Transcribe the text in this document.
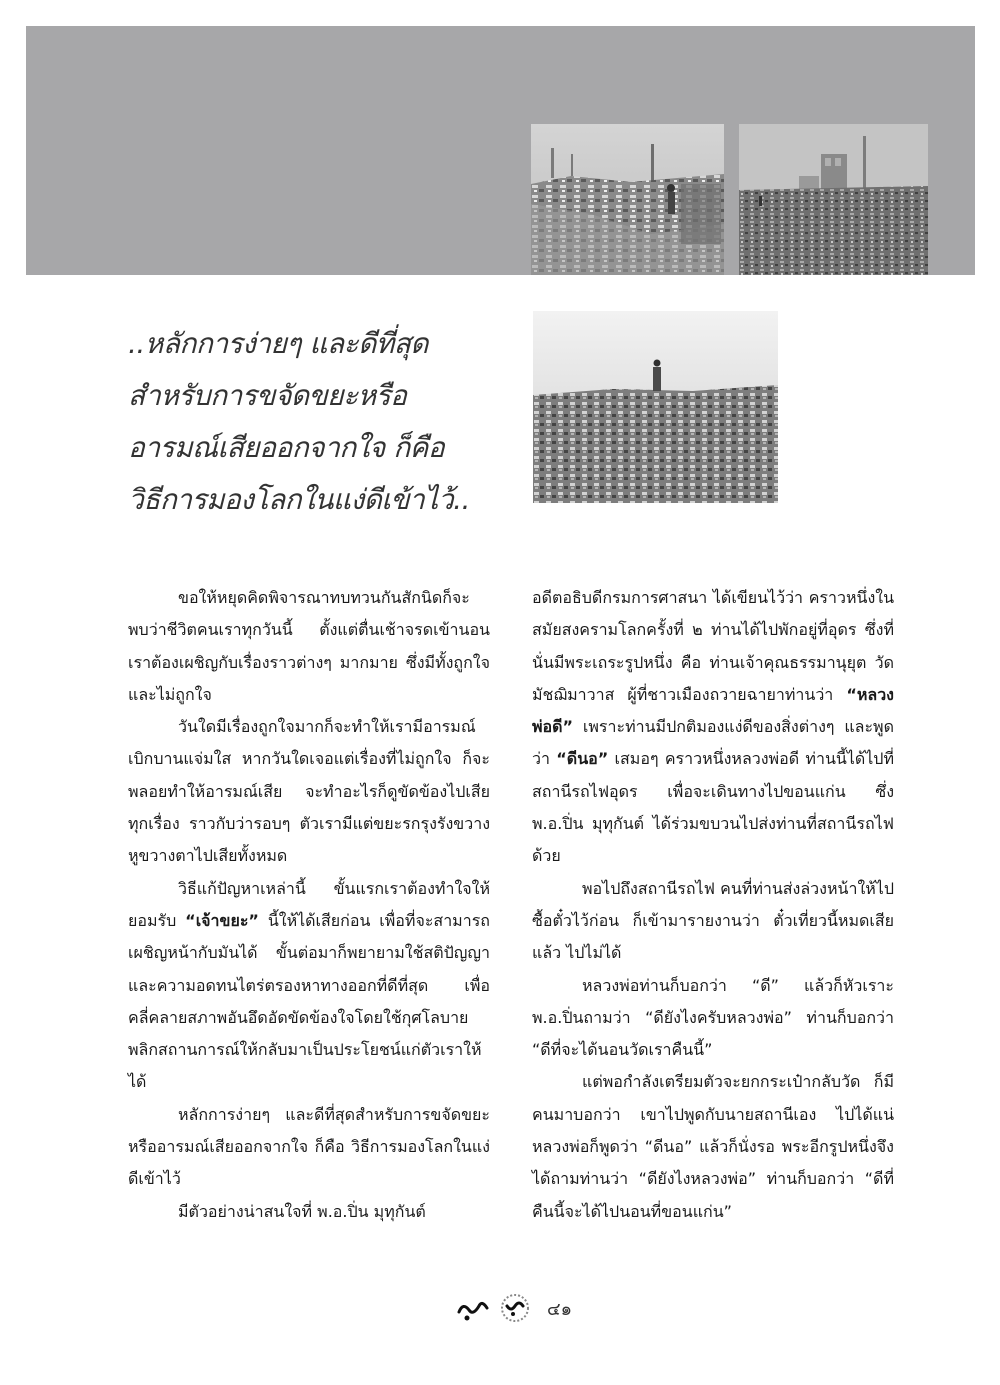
..หลักการง่ายๆ และดีที่สุด

สำหรับการขจัดขยะหรือ

อารมณ์เสียออกจากใจ ก็คือ

วิธีการมองโลกในแง่ดีเข้าไว้..

ขอให้หยุดคิดพิจารณาทบทวนกันสักนิดก็จะพบว่าชีวิตคนเราทุกวันนี้ ตั้งแต่ตื่นเช้าจรดเข้านอน เราต้องเผชิญกับเรื่องราวต่างๆ มากมาย ซึ่งมีทั้งถูกใจและไม่ถูกใจ

วันใดมีเรื่องถูกใจมากก็จะทำให้เรามีอารมณ์เบิกบานแจ่มใส หากวันใดเจอแต่เรื่องที่ไม่ถูกใจ ก็จะพลอยทำให้อารมณ์เสีย จะทำอะไรก็ดูขัดข้องไปเสียทุกเรื่อง ราวกับว่ารอบๆ ตัวเรามีแต่ขยะรกรุงรังขวางหูขวางตาไปเสียทั้งหมด

วิธีแก้ปัญหาเหล่านี้ ขั้นแรกเราต้องทำใจให้ยอมรับ “เจ้าขยะ” นี้ให้ได้เสียก่อน เพื่อที่จะสามารถเผชิญหน้ากับมันได้ ขั้นต่อมาก็พยายามใช้สติปัญญาและความอดทนไตร่ตรองหาทางออกที่ดีที่สุด เพื่อคลี่คลายสภาพอันอึดอัดขัดข้องใจโดยใช้กุศโลบายพลิกสถานการณ์ให้กลับมาเป็นประโยชน์แก่ตัวเราให้ได้

หลักการง่ายๆ และดีที่สุดสำหรับการขจัดขยะหรืออารมณ์เสียออกจากใจ ก็คือ วิธีการมองโลกในแง่ดีเข้าไว้

มีตัวอย่างน่าสนใจที่ พ.อ.ปิ่น มุทุกันต์

อดีตอธิบดีกรมการศาสนา ได้เขียนไว้ว่า คราวหนึ่งในสมัยสงครามโลกครั้งที่ ๒ ท่านได้ไปพักอยู่ที่อุดร ซึ่งที่นั่นมีพระเถระรูปหนึ่ง คือ ท่านเจ้าคุณธรรมานุยุต วัดมัชฌิมาวาส ผู้ที่ชาวเมืองถวายฉายาท่านว่า “หลวงพ่อดี” เพราะท่านมีปกติมองแง่ดีของสิ่งต่างๆ และพูดว่า “ดีนอ” เสมอๆ คราวหนึ่งหลวงพ่อดี ท่านนี้ได้ไปที่สถานีรถไฟอุดร เพื่อจะเดินทางไปขอนแก่น ซึ่ง พ.อ.ปิ่น มุทุกันต์ ได้ร่วมขบวนไปส่งท่านที่สถานีรถไฟด้วย

พอไปถึงสถานีรถไฟ คนที่ท่านส่งล่วงหน้าให้ไปซื้อตั๋วไว้ก่อน ก็เข้ามารายงานว่า ตั๋วเที่ยวนี้หมดเสียแล้ว ไปไม่ได้

หลวงพ่อท่านก็บอกว่า “ดี” แล้วก็หัวเราะ พ.อ.ปิ่นถามว่า “ดียังไงครับหลวงพ่อ” ท่านก็บอกว่า “ดีที่จะได้นอนวัดเราคืนนี้”

แต่พอกำลังเตรียมตัวจะยกกระเป๋ากลับวัด ก็มีคนมาบอกว่า เขาไปพูดกับนายสถานีเอง ไปได้แน่ หลวงพ่อก็พูดว่า “ดีนอ” แล้วก็นั่งรอ พระอีกรูปหนึ่งจึงได้ถามท่านว่า “ดียังไงหลวงพ่อ” ท่านก็บอกว่า “ดีที่คืนนี้จะได้ไปนอนที่ขอนแก่น”

๔๑
